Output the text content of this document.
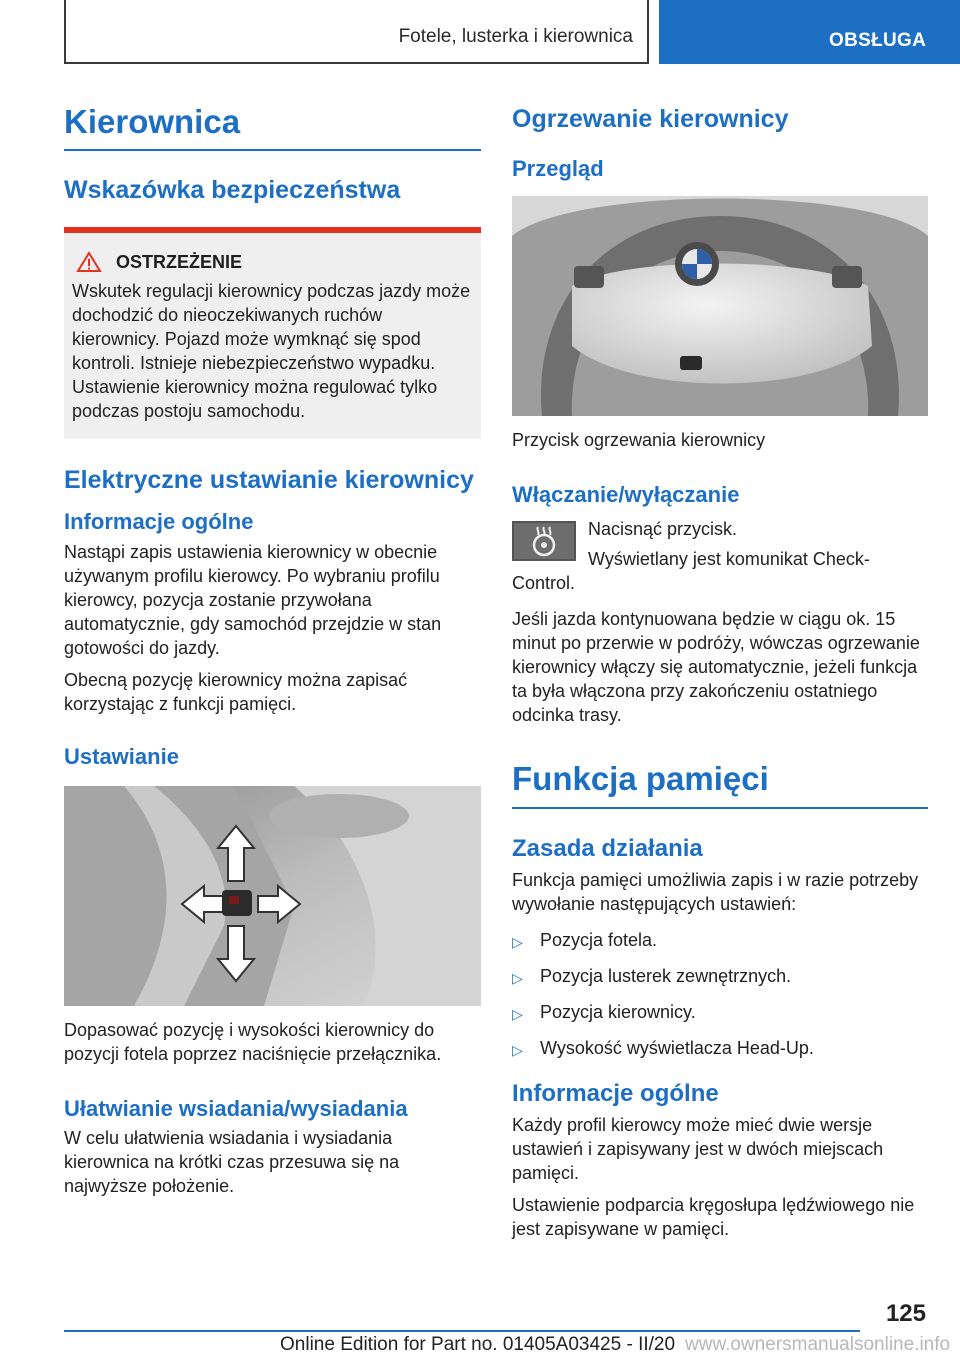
Fotele, lusterka i kierownica	OBSŁUGA
Kierownica
Wskazówka bezpieczeństwa
OSTRZEŻENIE
Wskutek regulacji kierownicy podczas jazdy może dochodzić do nieoczekiwanych ruchów kierownicy. Pojazd może wymknąć się spod kontroli. Istnieje niebezpieczeństwo wypadku. Ustawienie kierownicy można regulować tylko podczas postoju samochodu.
Elektryczne ustawianie kierownicy
Informacje ogólne
Nastąpi zapis ustawienia kierownicy w obecnie używanym profilu kierowcy. Po wybraniu profilu kierowcy, pozycja zostanie przywołana automatycznie, gdy samochód przejdzie w stan gotowości do jazdy.
Obecną pozycję kierownicy można zapisać korzystając z funkcji pamięci.
Ustawianie
Dopasować pozycję i wysokości kierownicy do pozycji fotela poprzez naciśnięcie przełącznika.
Ułatwianie wsiadania/wysiadania
W celu ułatwienia wsiadania i wysiadania kierownica na krótki czas przesuwa się na najwyższe położenie.
Ogrzewanie kierownicy
Przegląd
Przycisk ogrzewania kierownicy
Włączanie/wyłączanie
Nacisnąć przycisk.
Wyświetlany jest komunikat Check-
Control.
Jeśli jazda kontynuowana będzie w ciągu ok. 15 minut po przerwie w podróży, wówczas ogrzewanie kierownicy włączy się automatycznie, jeżeli funkcja ta była włączona przy zakończeniu ostatniego odcinka trasy.
Funkcja pamięci
Zasada działania
Funkcja pamięci umożliwia zapis i w razie potrzeby wywołanie następujących ustawień:
▷ Pozycja fotela.
▷ Pozycja lusterek zewnętrznych.
▷ Pozycja kierownicy.
▷ Wysokość wyświetlacza Head-Up.
Informacje ogólne
Każdy profil kierowcy może mieć dwie wersje ustawień i zapisywany jest w dwóch miejscach pamięci.
Ustawienie podparcia kręgosłupa lędźwiowego nie jest zapisywane w pamięci.
125
Online Edition for Part no. 01405A03425 - II/20 www.ownersmanualsonline.info
